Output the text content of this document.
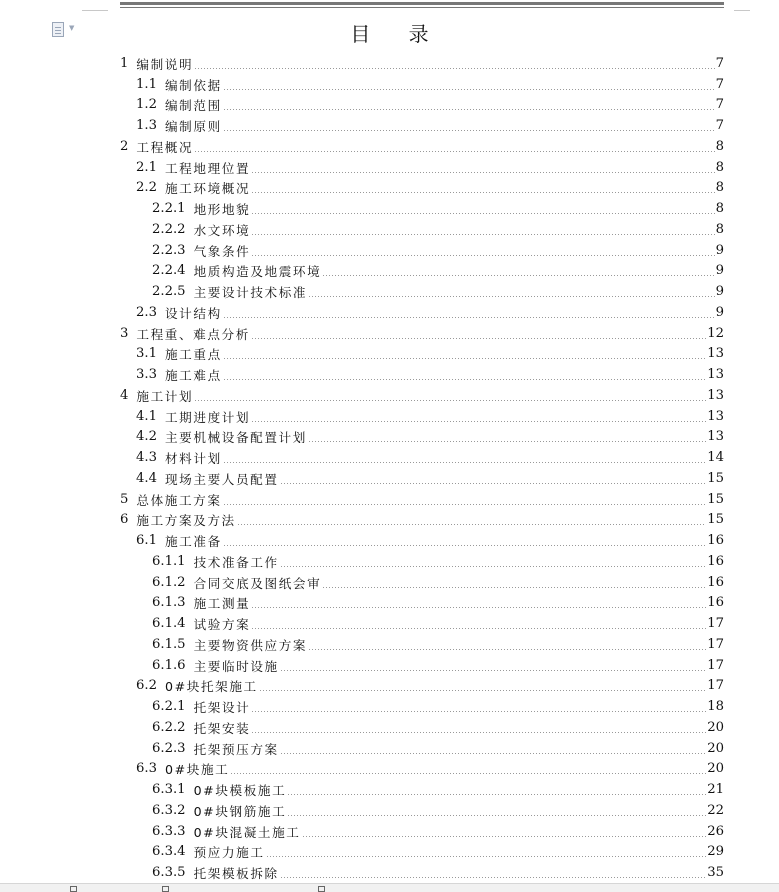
▼	目 录
1 编制说明	7
1.1 编制依据	7
1.2 编制范围	7
1.3 编制原则	7
2 工程概况	8
2.1 工程地理位置	8
2.2 施工环境概况	8
2.2.1 地形地貌	8
2.2.2 水文环境	8
2.2.3 气象条件	9
2.2.4 地质构造及地震环境	9
2.2.5 主要设计技术标准	9
2.3 设计结构	9
3 工程重、难点分析	12
3.1 施工重点	13
3.3 施工难点	13
4 施工计划	13
4.1 工期进度计划	13
4.2 主要机械设备配置计划	13
4.3 材料计划	14
4.4 现场主要人员配置	15
5 总体施工方案	15
6 施工方案及方法	15
6.1 施工准备	16
6.1.1 技术准备工作	16
6.1.2 合同交底及图纸会审	16
6.1.3 施工测量	16
6.1.4 试验方案	17
6.1.5 主要物资供应方案	17
6.1.6 主要临时设施	17
6.2 0#块托架施工	17
6.2.1 托架设计	18
6.2.2 托架安装	20
6.2.3 托架预压方案	20
6.3 0#块施工	20
6.3.1 0#块模板施工	21
6.3.2 0#块钢筋施工	22
6.3.3 0#块混凝土施工	26
6.3.4 预应力施工	29
6.3.5 托架模板拆除	35
